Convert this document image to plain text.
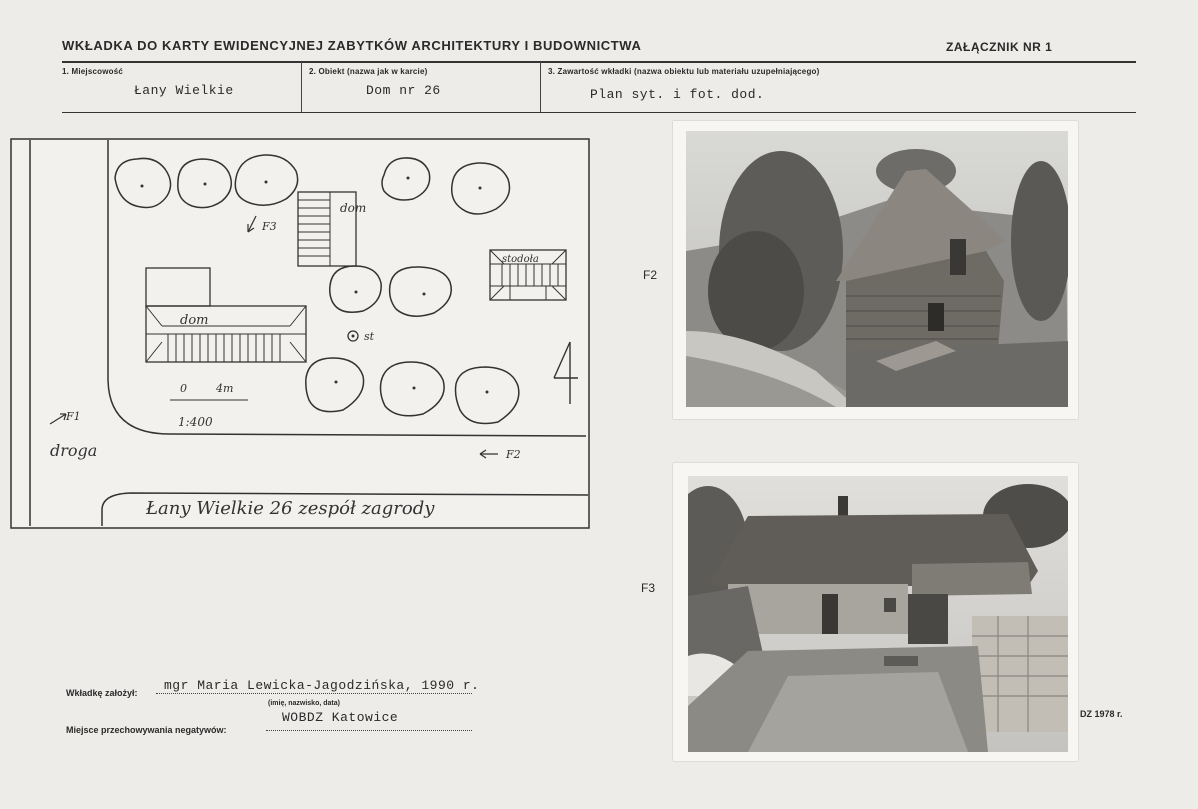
WKŁADKA DO KARTY EWIDENCYJNEJ ZABYTKÓW ARCHITEKTURY I BUDOWNICTWA	ZAŁĄCZNIK NR 1
1. Miejscowość
Łany Wielkie
2. Obiekt (nazwa jak w karcie)
Dom nr 26
3. Zawartość wkładki (nazwa obiektu lub materiału uzupełniającego)
Plan syt. i fot. dod.
dom
stodoła
dom
st
0	4m
1:400
F3
F1
droga	F2
Łany Wielkie 26 zespół zagrody
F2
F3
Wkładkę założył: mgr Maria Lewicka-Jagodzińska, 1990 r.
(imię, nazwisko, data)
Miejsce przechowywania negatywów:
WOBDZ Katowice	DZ 1978 r.
